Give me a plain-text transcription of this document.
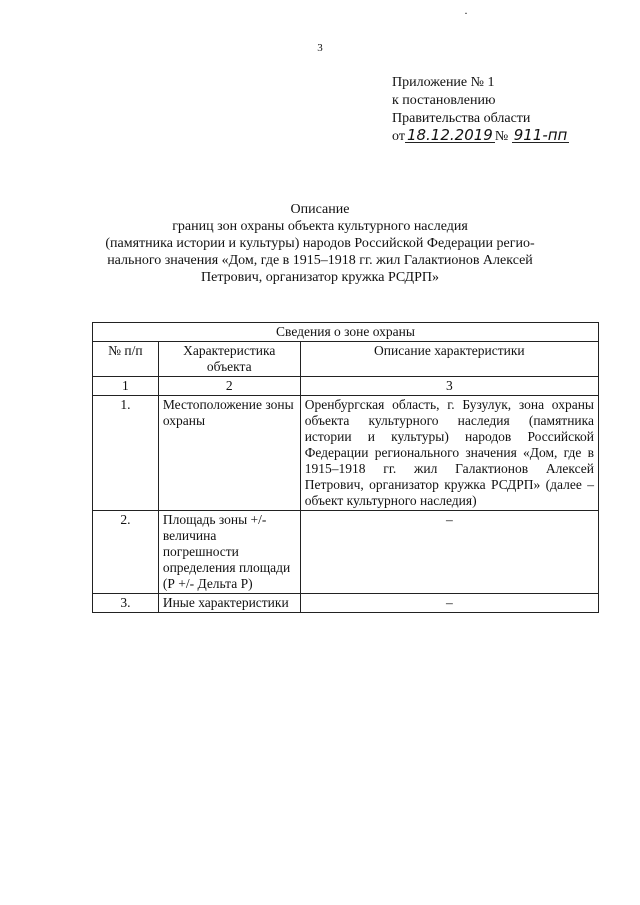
·
3
Приложение № 1
к постановлению
Правительства области
от 18.12.2019 № 911-пп
Описание
границ зон охраны объекта культурного наследия
(памятника истории и культуры) народов Российской Федерации регио-
нального значения «Дом, где в 1915–1918 гг. жил Галактионов Алексей
Петрович, организатор кружка РСДРП»
Сведения о зоне охраны		
№ п/п	Характеристика объекта	Описание характеристики
1	2	3
1.	Местоположение зоны охраны	Оренбургская область, г. Бузулук, зона охраны объекта культурного наследия (памятника истории и культуры) народов Российской Федерации регионального значения «Дом, где в 1915–1918 гг. жил Галактионов Алексей Петрович, организатор кружка РСДРП» (далее – объект культурного наследия)
2.	Площадь зоны +/- величина погрешности определения площади (Р +/- Дельта Р)	–
3.	Иные характеристики	–
